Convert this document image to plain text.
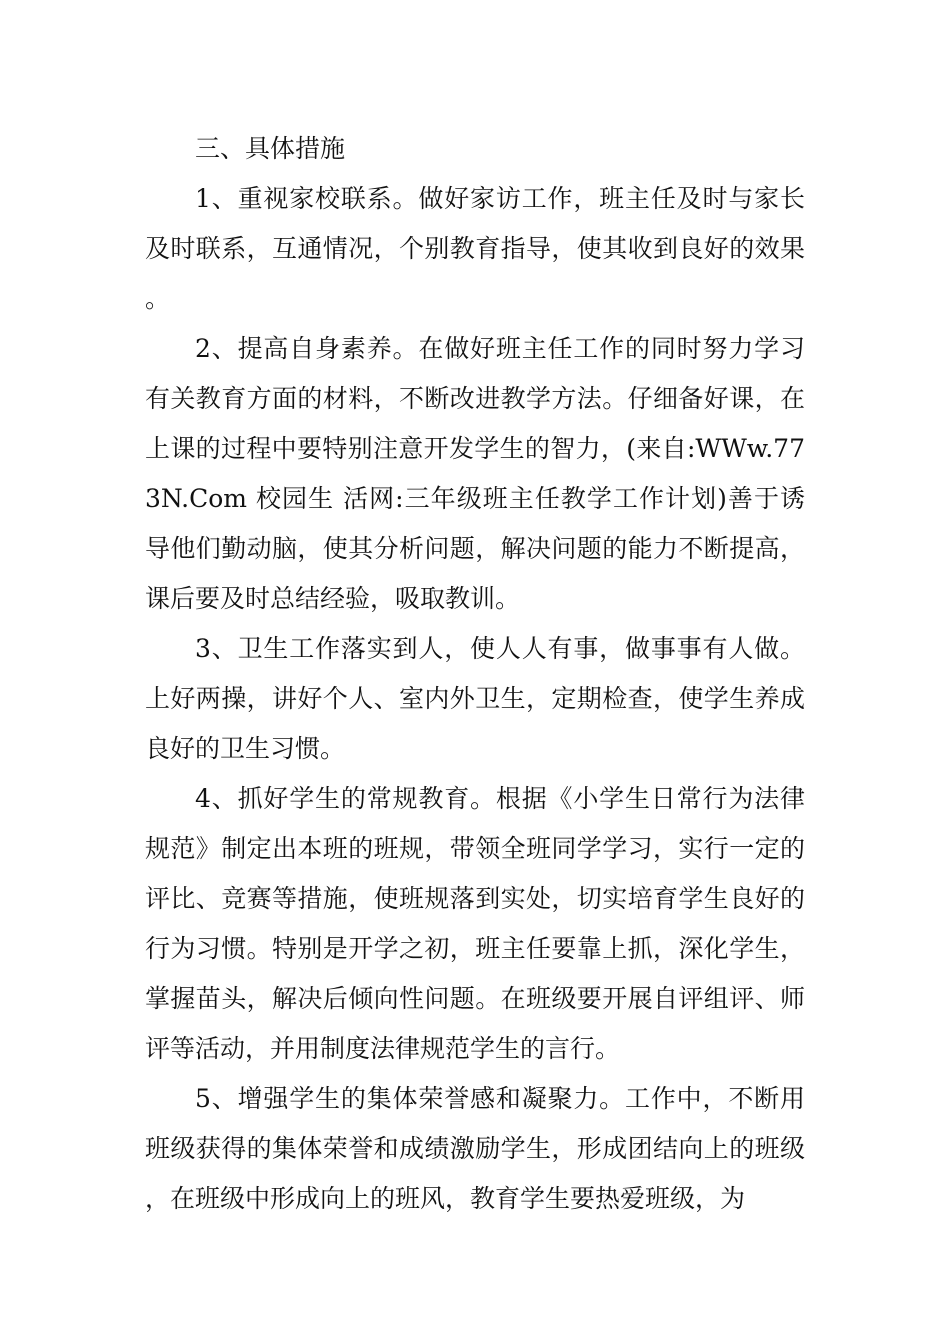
三、具体措施

1、重视家校联系。做好家访工作，班主任及时与家长及时联系，互通情况，个别教育指导，使其收到良好的效果。

2、提高自身素养。在做好班主任工作的同时努力学习有关教育方面的材料，不断改进教学方法。仔细备好课，在上课的过程中要特别注意开发学生的智力，(来自:WWw.773N.Com 校园生 活网:三年级班主任教学工作计划)善于诱导他们勤动脑，使其分析问题，解决问题的能力不断提高，课后要及时总结经验，吸取教训。

3、卫生工作落实到人，使人人有事，做事事有人做。上好两操，讲好个人、室内外卫生，定期检查，使学生养成良好的卫生习惯。

4、抓好学生的常规教育。根据《小学生日常行为法律规范》制定出本班的班规，带领全班同学学习，实行一定的评比、竞赛等措施，使班规落到实处，切实培育学生良好的行为习惯。特别是开学之初，班主任要靠上抓，深化学生，掌握苗头，解决后倾向性问题。在班级要开展自评组评、师评等活动，并用制度法律规范学生的言行。

5、增强学生的集体荣誉感和凝聚力。工作中，不断用班级获得的集体荣誉和成绩激励学生，形成团结向上的班级，在班级中形成向上的班风，教育学生要热爱班级，为
